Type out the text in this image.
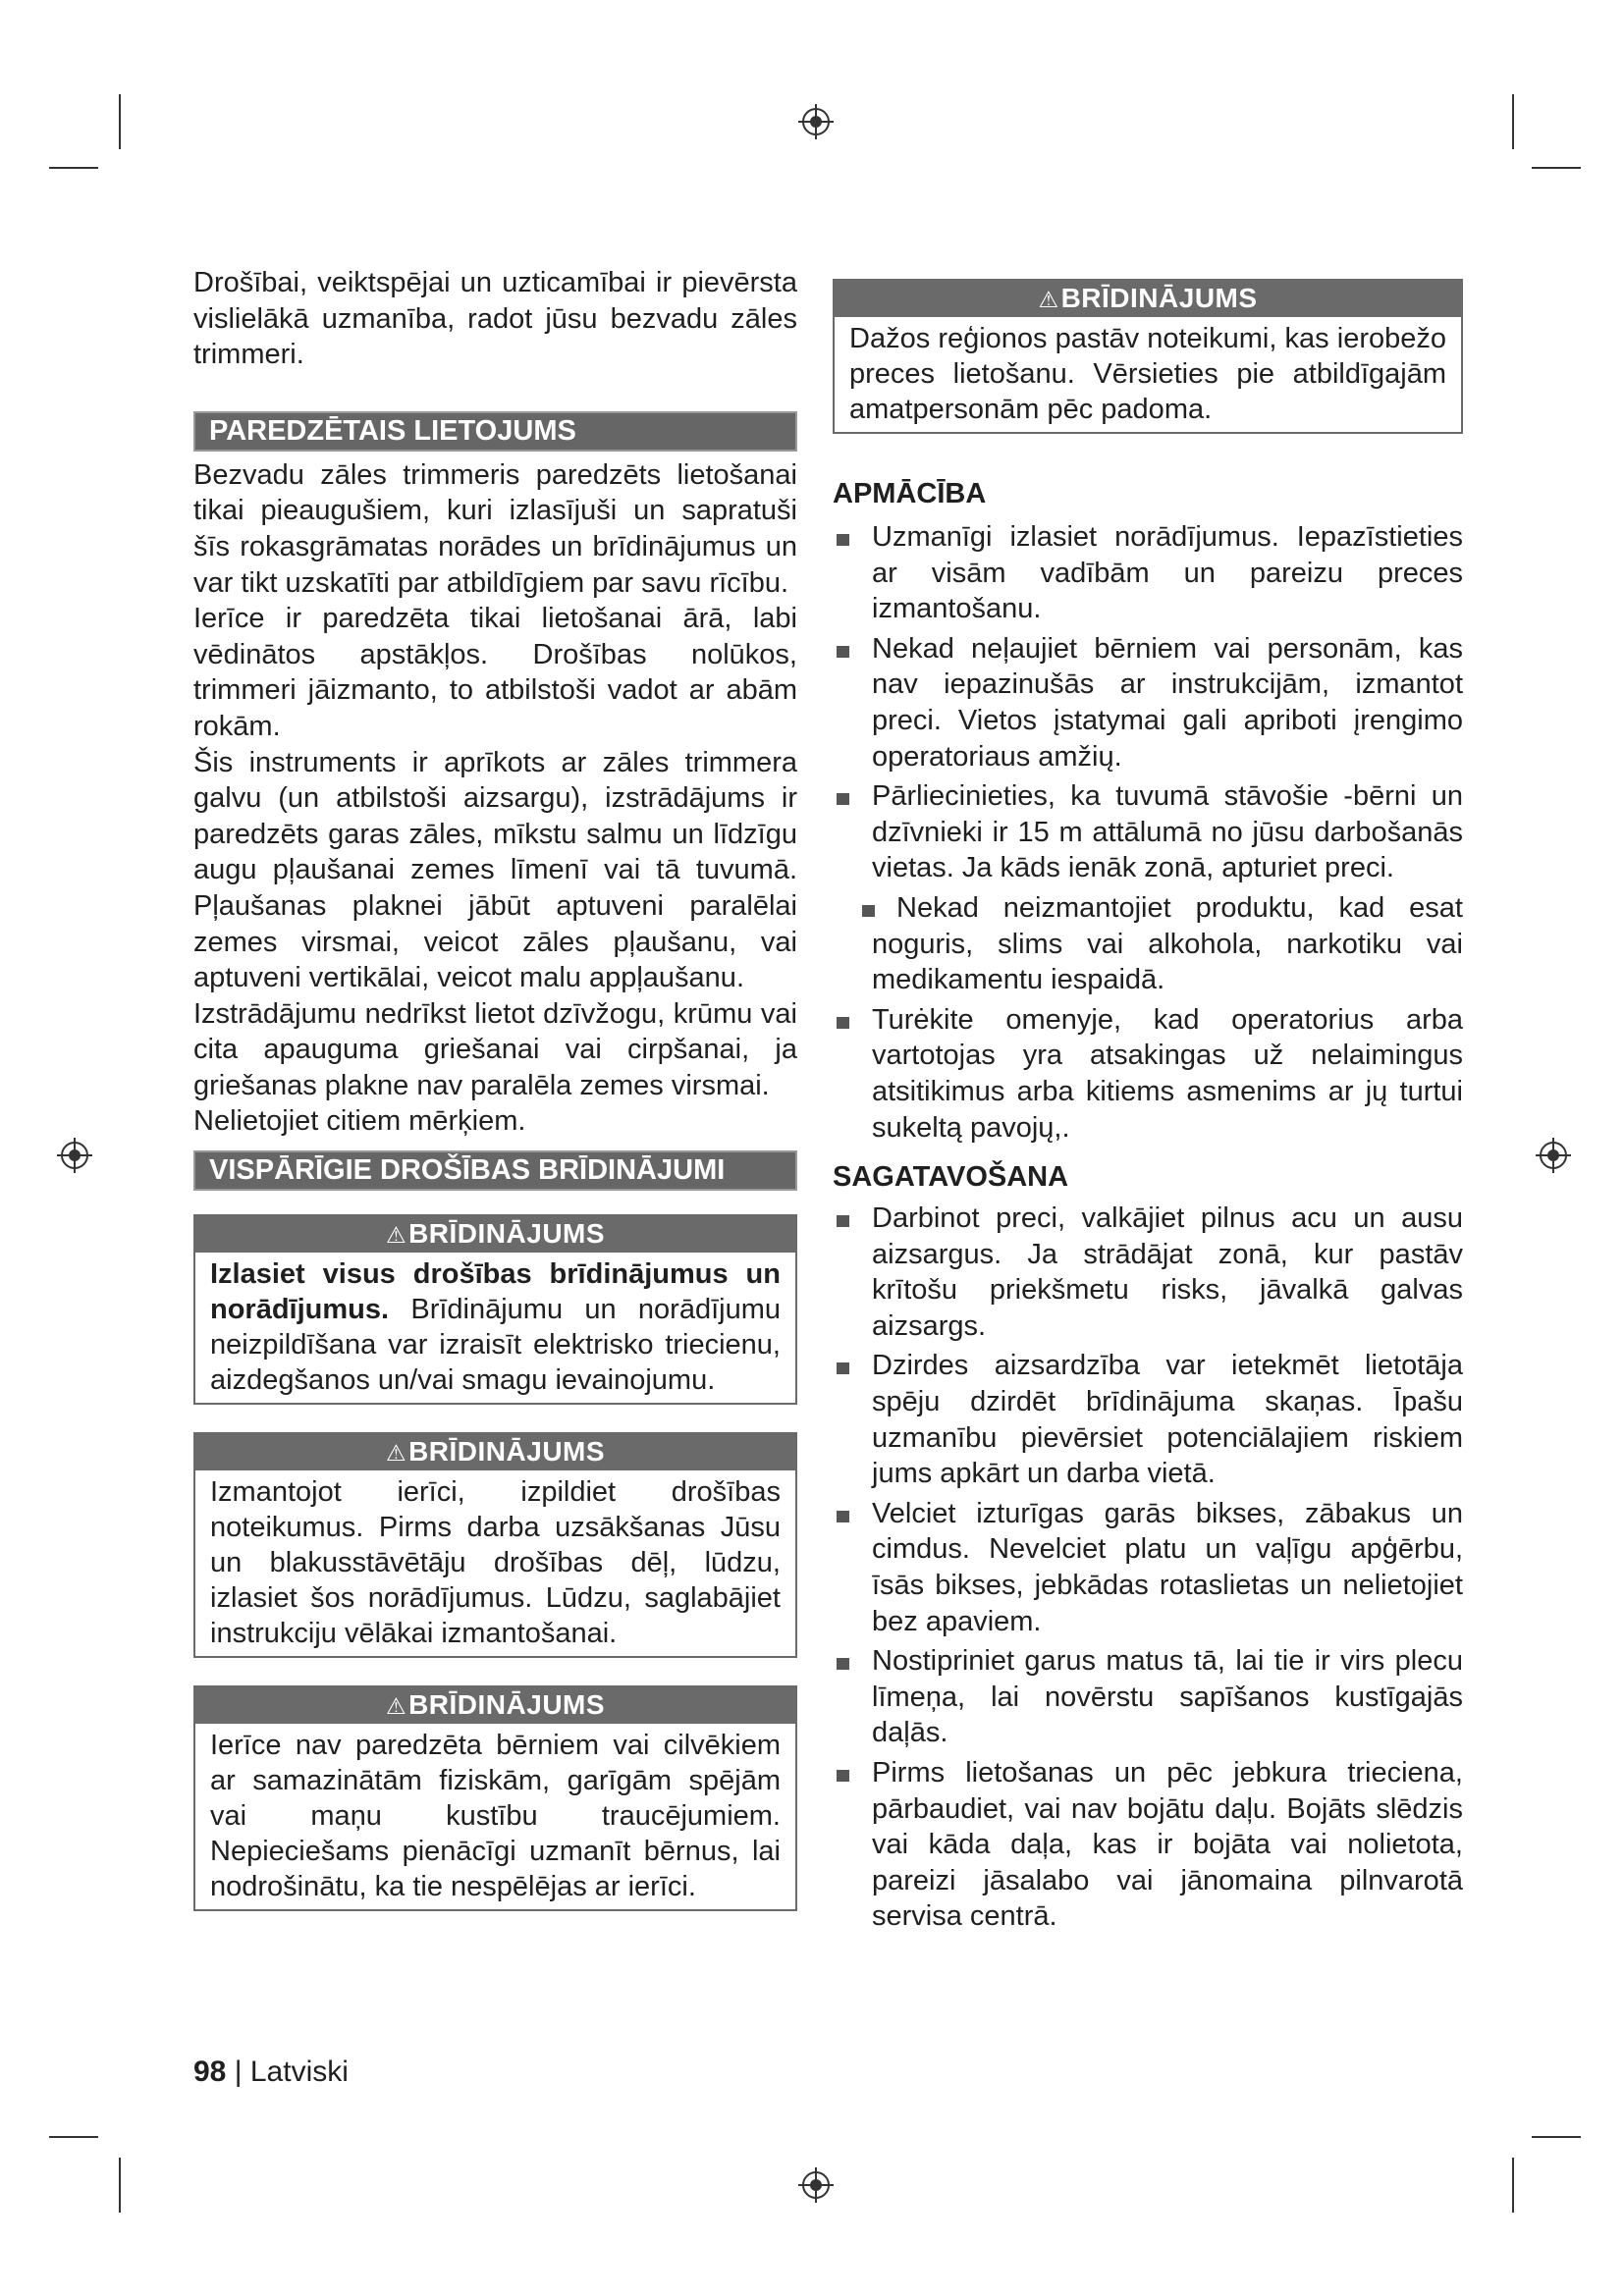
Drošībai, veiktspējai un uzticamībai ir pievērsta vislielākā uzmanība, radot jūsu bezvadu zāles trimmeri.

PAREDZĒTAIS LIETOJUMS

Bezvadu zāles trimmeris paredzēts lietošanai tikai pieaugušiem, kuri izlasījuši un sapratuši šīs rokasgrāmatas norādes un brīdinājumus un var tikt uzskatīti par atbildīgiem par savu rīcību.

Ierīce ir paredzēta tikai lietošanai ārā, labi vēdinātos apstākļos. Drošības nolūkos, trimmeri jāizmanto, to atbilstoši vadot ar abām rokām.

Šis instruments ir aprīkots ar zāles trimmera galvu (un atbilstoši aizsargu), izstrādājums ir paredzēts garas zāles, mīkstu salmu un līdzīgu augu pļaušanai zemes līmenī vai tā tuvumā. Pļaušanas plaknei jābūt aptuveni paralēlai zemes virsmai, veicot zāles pļaušanu, vai aptuveni vertikālai, veicot malu appļaušanu.

Izstrādājumu nedrīkst lietot dzīvžogu, krūmu vai cita apauguma griešanai vai cirpšanai, ja griešanas plakne nav paralēla zemes virsmai.

Nelietojiet citiem mērķiem.

VISPĀRĪGIE DROŠĪBAS BRĪDINĀJUMI
⚠BRĪDINĀJUMS

Izlasiet visus drošības brīdinājumus un norādījumus. Brīdinājumu un norādījumu neizpildīšana var izraisīt elektrisko triecienu, aizdegšanos un/vai smagu ievainojumu.

⚠BRĪDINĀJUMS

Izmantojot ierīci, izpildiet drošības noteikumus. Pirms darba uzsākšanas Jūsu un blakusstāvētāju drošības dēļ, lūdzu, izlasiet šos norādījumus. Lūdzu, saglabājiet instrukciju vēlākai izmantošanai.

⚠BRĪDINĀJUMS

Ierīce nav paredzēta bērniem vai cilvēkiem ar samazinātām fiziskām, garīgām spējām vai maņu kustību traucējumiem. Nepieciešams pienācīgi uzmanīt bērnus, lai nodrošinātu, ka tie nespēlējas ar ierīci.

⚠BRĪDINĀJUMS

Dažos reģionos pastāv noteikumi, kas ierobežo preces lietošanu. Vērsieties pie atbildīgajām amatpersonām pēc padoma.

APMĀCĪBA

Uzmanīgi izlasiet norādījumus. Iepazīstieties ar visām vadībām un pareizu preces izmantošanu.

Nekad neļaujiet bērniem vai personām, kas nav iepazinušās ar instrukcijām, izmantot preci. Vietos įstatymai gali apriboti įrengimo operatoriaus amžių.

Pārliecinieties, ka tuvumā stāvošie -bērni un dzīvnieki ir 15 m attālumā no jūsu darbošanās vietas. Ja kāds ienāk zonā, apturiet preci.

Nekad neizmantojiet produktu, kad esat noguris, slims vai alkohola, narkotiku vai medikamentu iespaidā.

Turėkite omenyje, kad operatorius arba vartotojas yra atsakingas už nelaimingus atsitikimus arba kitiems asmenims ar jų turtui sukeltą pavojų,.

SAGATAVOŠANA

Darbinot preci, valkājiet pilnus acu un ausu aizsargus. Ja strādājat zonā, kur pastāv krītošu priekšmetu risks, jāvalkā galvas aizsargs.

Dzirdes aizsardzība var ietekmēt lietotāja spēju dzirdēt brīdinājuma skaņas. Īpašu uzmanību pievērsiet potenciālajiem riskiem jums apkārt un darba vietā.

Velciet izturīgas garās bikses, zābakus un cimdus. Nevelciet platu un vaļīgu apģērbu, īsās bikses, jebkādas rotaslietas un nelietojiet bez apaviem.

Nostipriniet garus matus tā, lai tie ir virs plecu līmeņa, lai novērstu sapīšanos kustīgajās daļās.

Pirms lietošanas un pēc jebkura trieciena, pārbaudiet, vai nav bojātu daļu. Bojāts slēdzis vai kāda daļa, kas ir bojāta vai nolietota, pareizi jāsalabo vai jānomaina pilnvarotā servisa centrā.

98 | Latviski
